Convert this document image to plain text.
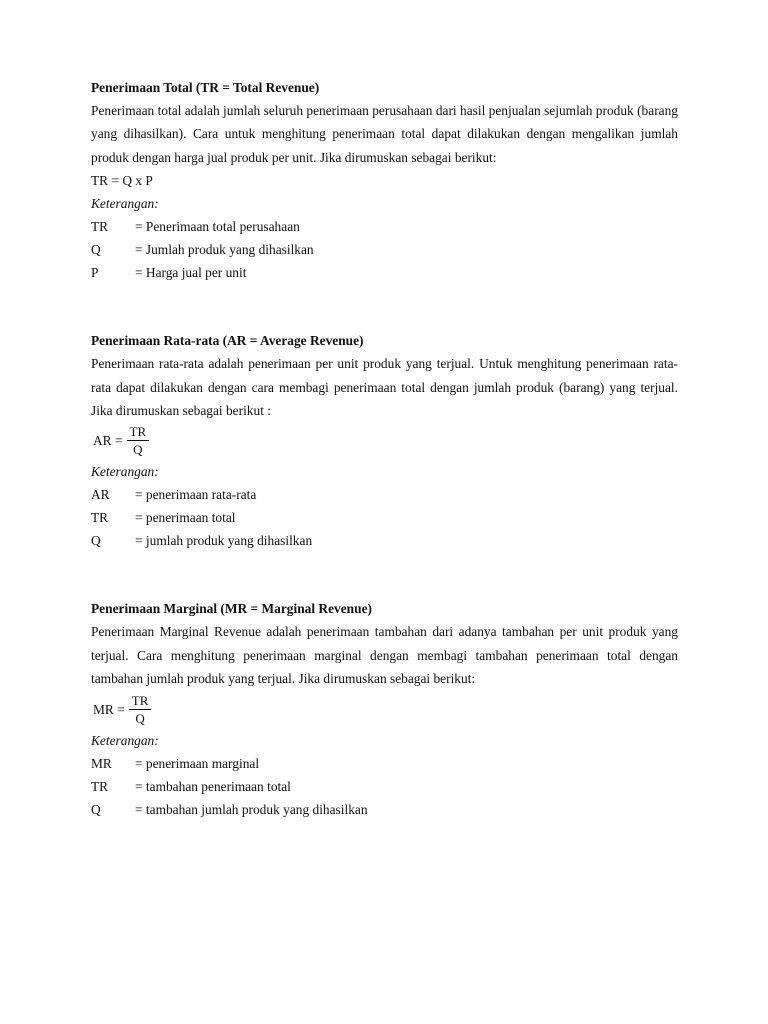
Penerimaan Total (TR = Total Revenue)
Penerimaan total adalah jumlah seluruh penerimaan perusahaan dari hasil penjualan sejumlah produk (barang yang dihasilkan). Cara untuk menghitung penerimaan total dapat dilakukan dengan mengalikan jumlah produk dengan harga jual produk per unit. Jika dirumuskan sebagai berikut:
TR = Q x P
Keterangan:
TR	= Penerimaan total perusahaan
Q	= Jumlah produk yang dihasilkan
P	= Harga jual per unit
Penerimaan Rata-rata (AR = Average Revenue)
Penerimaan rata-rata adalah penerimaan per unit produk yang terjual. Untuk menghitung penerimaan rata-rata dapat dilakukan dengan cara membagi penerimaan total dengan jumlah produk (barang) yang terjual. Jika dirumuskan sebagai berikut :
AR = $\frac{TR}{Q}$
Keterangan:
AR	= penerimaan rata-rata
TR	= penerimaan total
Q	= jumlah produk yang dihasilkan
Penerimaan Marginal (MR = Marginal Revenue)
Penerimaan Marginal Revenue adalah penerimaan tambahan dari adanya tambahan per unit produk yang terjual. Cara menghitung penerimaan marginal dengan membagi tambahan penerimaan total dengan tambahan jumlah produk yang terjual. Jika dirumuskan sebagai berikut:
MR = $\frac{TR}{Q}$
Keterangan:
MR	= penerimaan marginal
TR	= tambahan penerimaan total
Q	= tambahan jumlah produk yang dihasilkan
